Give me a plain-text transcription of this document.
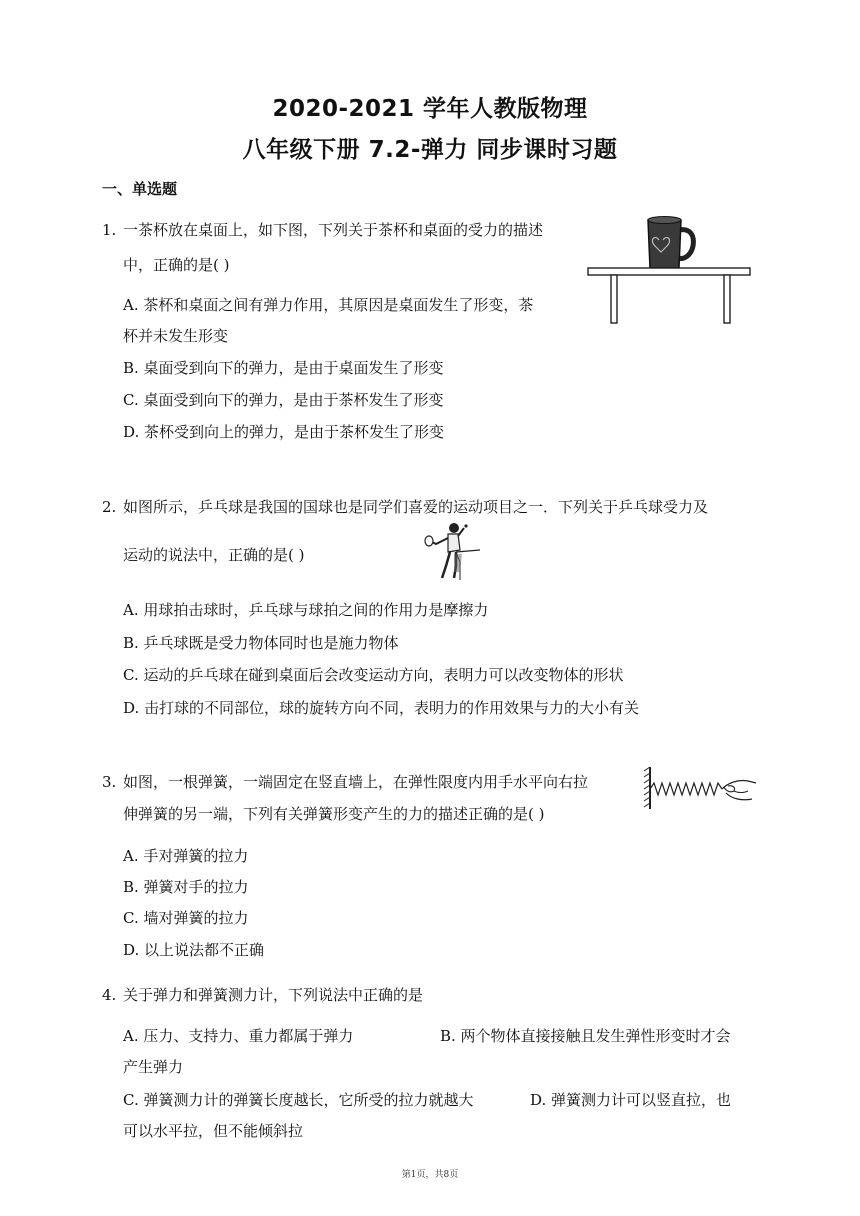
2020-2021 学年人教版物理
八年级下册 7.2-弹力 同步课时习题
一、单选题
1. 一茶杯放在桌面上，如下图，下列关于茶杯和桌面的受力的描述
中，正确的是( )
A. 茶杯和桌面之间有弹力作用，其原因是桌面发生了形变，茶
杯并未发生形变
B. 桌面受到向下的弹力，是由于桌面发生了形变
C. 桌面受到向下的弹力，是由于茶杯发生了形变
D. 茶杯受到向上的弹力，是由于茶杯发生了形变
2. 如图所示，乒乓球是我国的国球也是同学们喜爱的运动项目之一．下列关于乒乓球受力及
运动的说法中，正确的是( )
A. 用球拍击球时，乒乓球与球拍之间的作用力是摩擦力
B. 乒乓球既是受力物体同时也是施力物体
C. 运动的乒乓球在碰到桌面后会改变运动方向，表明力可以改变物体的形状
D. 击打球的不同部位，球的旋转方向不同，表明力的作用效果与力的大小有关
3. 如图，一根弹簧，一端固定在竖直墙上，在弹性限度内用手水平向右拉
伸弹簧的另一端，下列有关弹簧形变产生的力的描述正确的是( )
A. 手对弹簧的拉力
B. 弹簧对手的拉力
C. 墙对弹簧的拉力
D. 以上说法都不正确
4. 关于弹力和弹簧测力计，下列说法中正确的是
A. 压力、支持力、重力都属于弹力	B. 两个物体直接接触且发生弹性形变时才会
产生弹力
C. 弹簧测力计的弹簧长度越长，它所受的拉力就越大	D. 弹簧测力计可以竖直拉，也
可以水平拉，但不能倾斜拉
第1页，共8页
